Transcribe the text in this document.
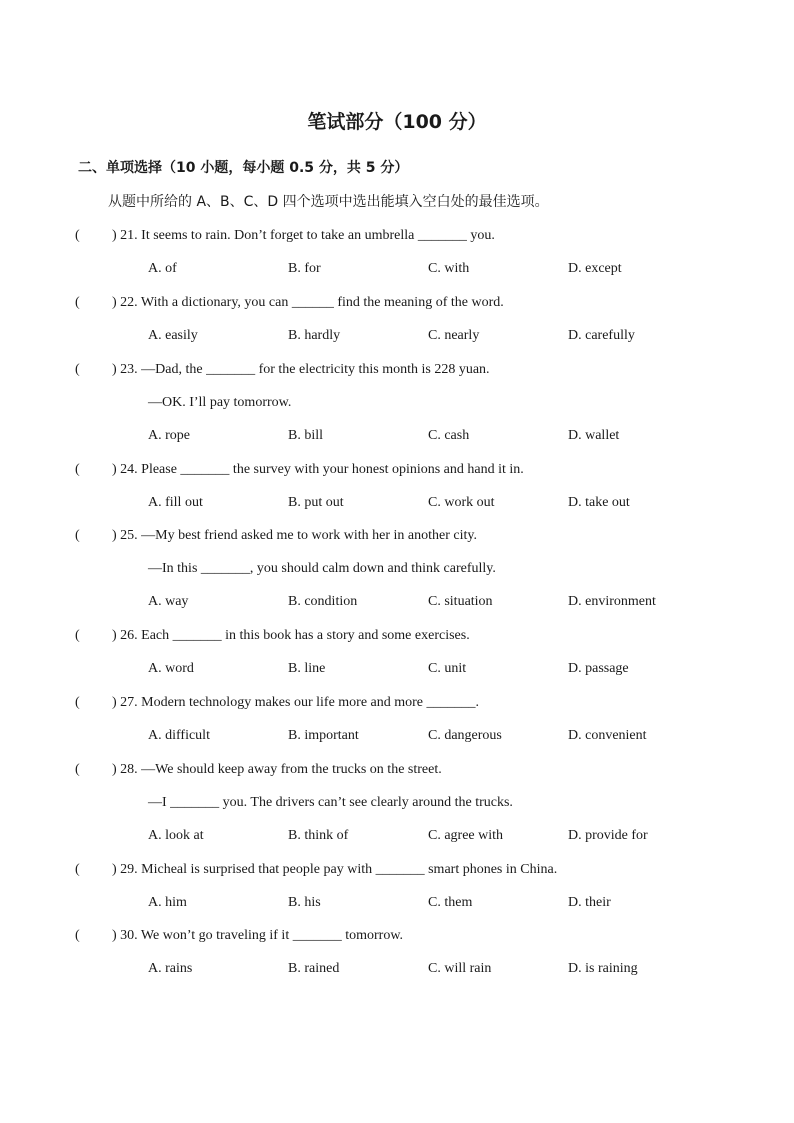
笔试部分（100 分）
二、单项选择（10 小题，每小题 0.5 分，共 5 分）
从题中所给的 A、B、C、D 四个选项中选出能填入空白处的最佳选项。
( ) 21. It seems to rain. Don’t forget to take an umbrella _______ you.
A. of	B. for	C. with	D. except
( ) 22. With a dictionary, you can ______ find the meaning of the word.
A. easily	B. hardly	C. nearly	D. carefully
( ) 23. —Dad, the _______ for the electricity this month is 228 yuan.
—OK. I’ll pay tomorrow.
A. rope	B. bill	C. cash	D. wallet
( ) 24. Please _______ the survey with your honest opinions and hand it in.
A. fill out	B. put out	C. work out	D. take out
( ) 25. —My best friend asked me to work with her in another city.
—In this _______, you should calm down and think carefully.
A. way	B. condition	C. situation	D. environment
( ) 26. Each _______ in this book has a story and some exercises.
A. word	B. line	C. unit	D. passage
( ) 27. Modern technology makes our life more and more _______.
A. difficult	B. important	C. dangerous	D. convenient
( ) 28. —We should keep away from the trucks on the street.
—I _______ you. The drivers can’t see clearly around the trucks.
A. look at	B. think of	C. agree with	D. provide for
( ) 29. Micheal is surprised that people pay with _______ smart phones in China.
A. him	B. his	C. them	D. their
( ) 30. We won’t go traveling if it _______ tomorrow.
A. rains	B. rained	C. will rain	D. is raining
